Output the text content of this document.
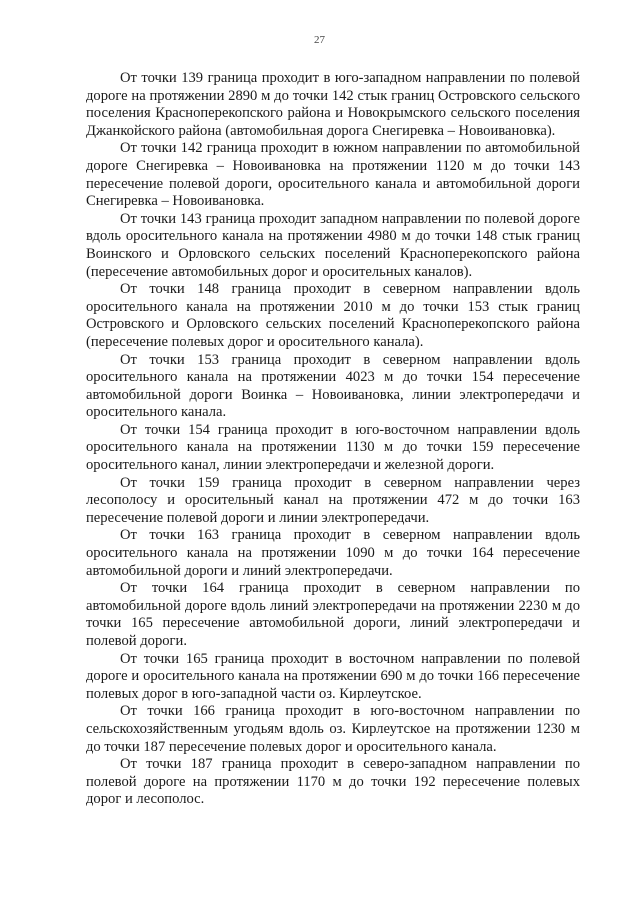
27

От точки 139 граница проходит в юго-западном направлении по полевой дороге на протяжении 2890 м до точки 142 стык границ Островского сельского поселения Красноперекопского района и Новокрымского сельского поселения Джанкойского района (автомобильная дорога Снегиревка – Новоивановка).

От точки 142 граница проходит в южном направлении по автомобильной дороге Снегиревка – Новоивановка на протяжении 1120 м до точки 143 пересечение полевой дороги, оросительного канала и автомобильной дороги Снегиревка – Новоивановка.

От точки 143 граница проходит западном направлении по полевой дороге вдоль оросительного канала на протяжении 4980 м до точки 148 стык границ Воинского и Орловского сельских поселений Красноперекопского района (пересечение автомобильных дорог и оросительных каналов).

От точки 148 граница проходит в северном направлении вдоль оросительного канала на протяжении 2010 м до точки 153 стык границ Островского и Орловского сельских поселений Красноперекопского района (пересечение полевых дорог и оросительного канала).

От точки 153 граница проходит в северном направлении вдоль оросительного канала на протяжении 4023 м до точки 154 пересечение автомобильной дороги Воинка – Новоивановка, линии электропередачи и оросительного канала.

От точки 154 граница проходит в юго-восточном направлении вдоль оросительного канала на протяжении 1130 м до точки 159 пересечение оросительного канал, линии электропередачи и железной дороги.

От точки 159 граница проходит в северном направлении через лесополосу и оросительный канал на протяжении 472 м до точки 163 пересечение полевой дороги и линии электропередачи.

От точки 163 граница проходит в северном направлении вдоль оросительного канала на протяжении 1090 м до точки 164 пересечение автомобильной дороги и линий электропередачи.

От точки 164 граница проходит в северном направлении по автомобильной дороге вдоль линий электропередачи на протяжении 2230 м до точки 165 пересечение автомобильной дороги, линий электропередачи и полевой дороги.

От точки 165 граница проходит в восточном направлении по полевой дороге и оросительного канала на протяжении 690 м до точки 166 пересечение полевых дорог в юго-западной части оз. Кирлеутское.

От точки 166 граница проходит в юго-восточном направлении по сельскохозяйственным угодьям вдоль оз. Кирлеутское на протяжении 1230 м до точки 187 пересечение полевых дорог и оросительного канала.

От точки 187 граница проходит в северо-западном направлении по полевой дороге на протяжении 1170 м до точки 192 пересечение полевых дорог и лесополос.
